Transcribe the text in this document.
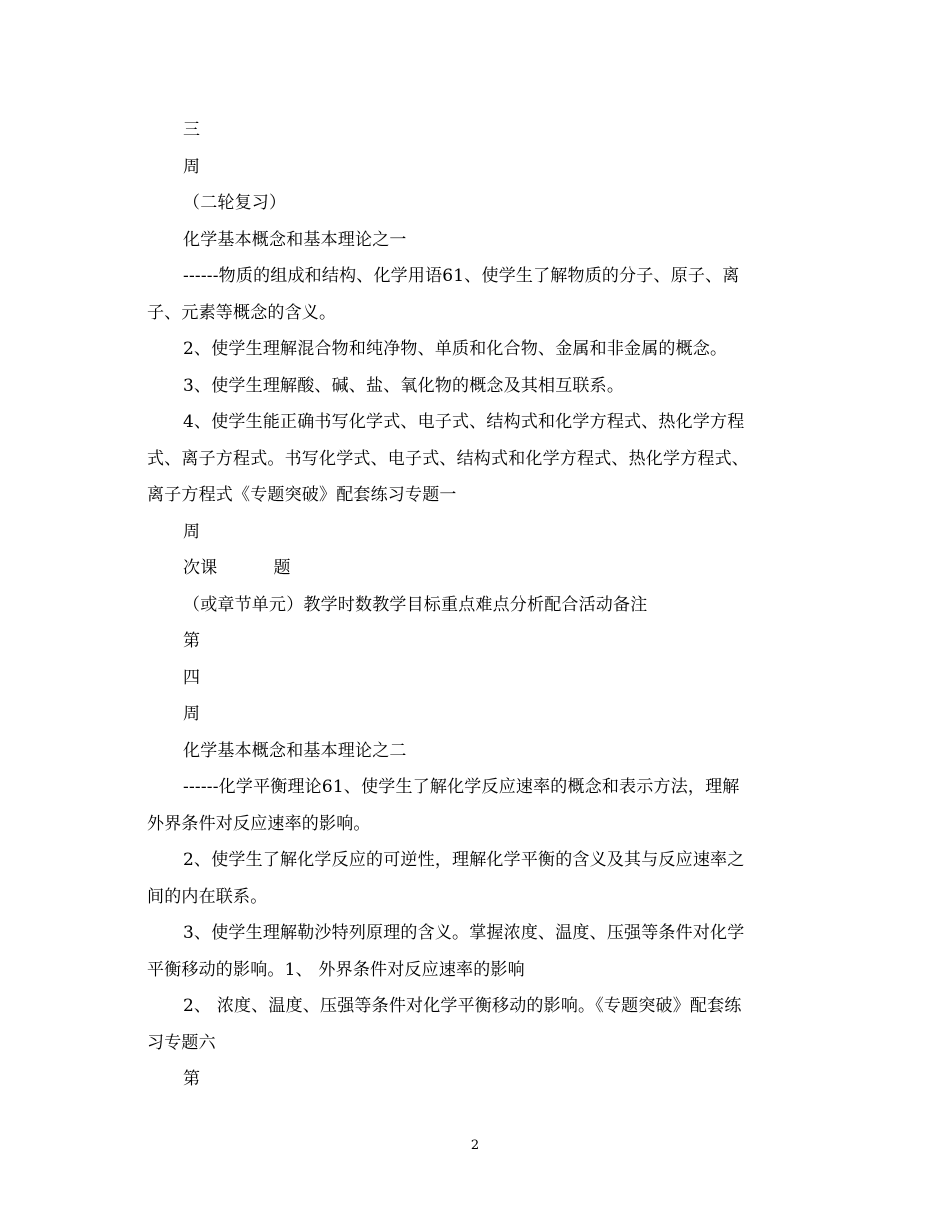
三
周
（二轮复习）
化学基本概念和基本理论之一
------物质的组成和结构、化学用语61、使学生了解物质的分子、原子、离
子、元素等概念的含义。
2、使学生理解混合物和纯净物、单质和化合物、金属和非金属的概念。
3、使学生理解酸、碱、盐、氧化物的概念及其相互联系。
4、使学生能正确书写化学式、电子式、结构式和化学方程式、热化学方程
式、离子方程式。书写化学式、电子式、结构式和化学方程式、热化学方程式、
离子方程式《专题突破》配套练习专题一
周
次课          题
（或章节单元）教学时数教学目标重点难点分析配合活动备注
第
四
周
化学基本概念和基本理论之二
------化学平衡理论61、使学生了解化学反应速率的概念和表示方法，理解
外界条件对反应速率的影响。
2、使学生了解化学反应的可逆性，理解化学平衡的含义及其与反应速率之
间的内在联系。
3、使学生理解勒沙特列原理的含义。掌握浓度、温度、压强等条件对化学
平衡移动的影响。1、 外界条件对反应速率的影响
2、 浓度、温度、压强等条件对化学平衡移动的影响。《专题突破》配套练
习专题六
第
2
